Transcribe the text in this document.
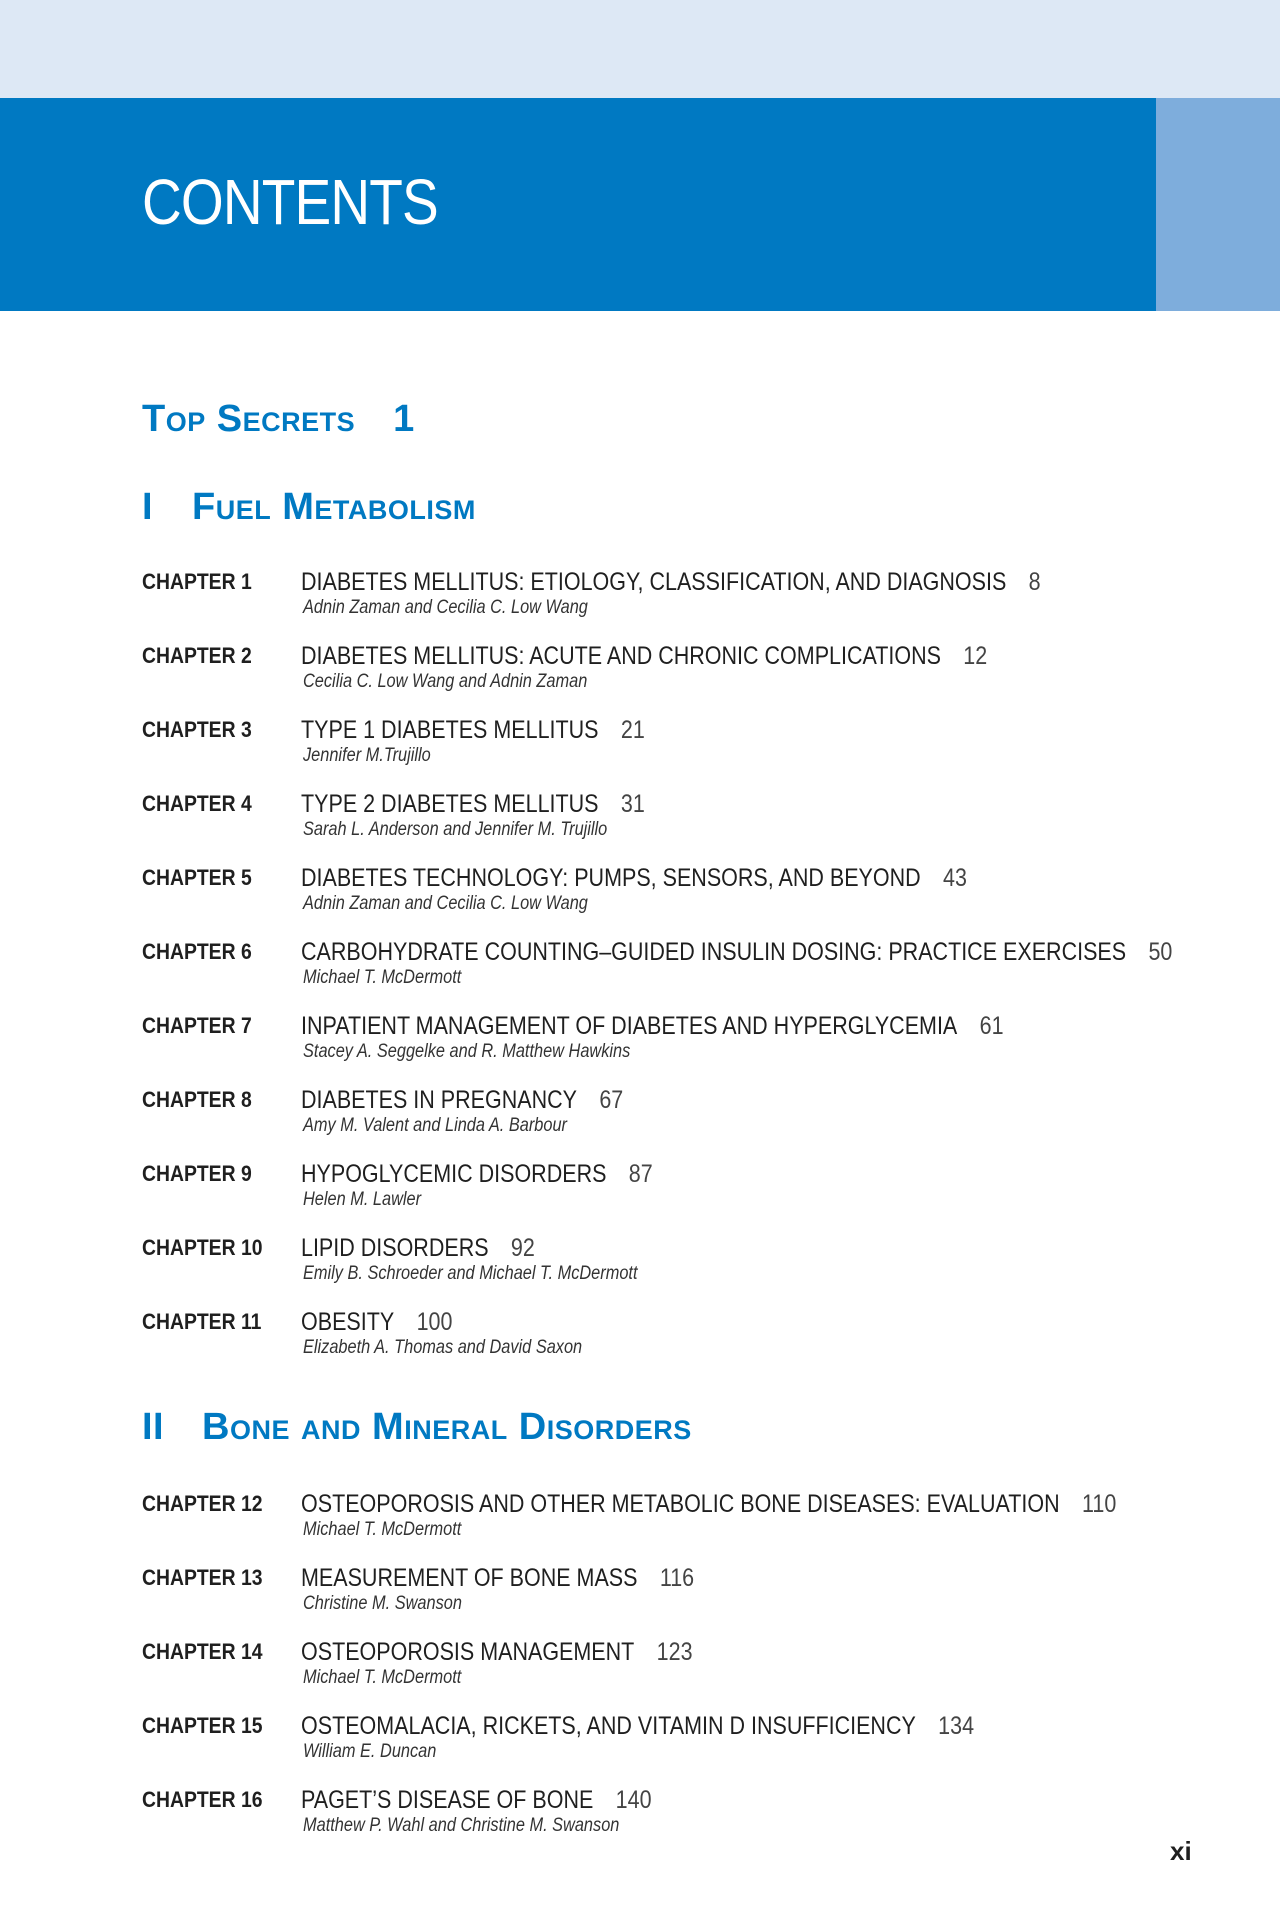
CONTENTS
Top Secrets 1
I	Fuel Metabolism
CHAPTER 1	DIABETES MELLITUS: ETIOLOGY, CLASSIFICATION, AND DIAGNOSIS 8
Adnin Zaman and Cecilia C. Low Wang
CHAPTER 2	DIABETES MELLITUS: ACUTE AND CHRONIC COMPLICATIONS 12
Cecilia C. Low Wang and Adnin Zaman
CHAPTER 3	TYPE 1 DIABETES MELLITUS 21
Jennifer M.Trujillo
CHAPTER 4	TYPE 2 DIABETES MELLITUS 31
Sarah L. Anderson and Jennifer M. Trujillo
CHAPTER 5	DIABETES TECHNOLOGY: PUMPS, SENSORS, AND BEYOND 43
Adnin Zaman and Cecilia C. Low Wang
CHAPTER 6	CARBOHYDRATE COUNTING–GUIDED INSULIN DOSING: PRACTICE EXERCISES 50
Michael T. McDermott
CHAPTER 7	INPATIENT MANAGEMENT OF DIABETES AND HYPERGLYCEMIA 61
Stacey A. Seggelke and R. Matthew Hawkins
CHAPTER 8	DIABETES IN PREGNANCY 67
Amy M. Valent and Linda A. Barbour
CHAPTER 9	HYPOGLYCEMIC DISORDERS 87
Helen M. Lawler
CHAPTER 10	LIPID DISORDERS 92
Emily B. Schroeder and Michael T. McDermott
CHAPTER 11	OBESITY 100
Elizabeth A. Thomas and David Saxon
II Bone and Mineral Disorders
CHAPTER 12	OSTEOPOROSIS AND OTHER METABOLIC BONE DISEASES: EVALUATION 110
Michael T. McDermott
CHAPTER 13	MEASUREMENT OF BONE MASS 116
Christine M. Swanson
CHAPTER 14	OSTEOPOROSIS MANAGEMENT 123
Michael T. McDermott
CHAPTER 15	OSTEOMALACIA, RICKETS, AND VITAMIN D INSUFFICIENCY 134
William E. Duncan
CHAPTER 16	PAGET’S DISEASE OF BONE 140
Matthew P. Wahl and Christine M. Swanson
xi
